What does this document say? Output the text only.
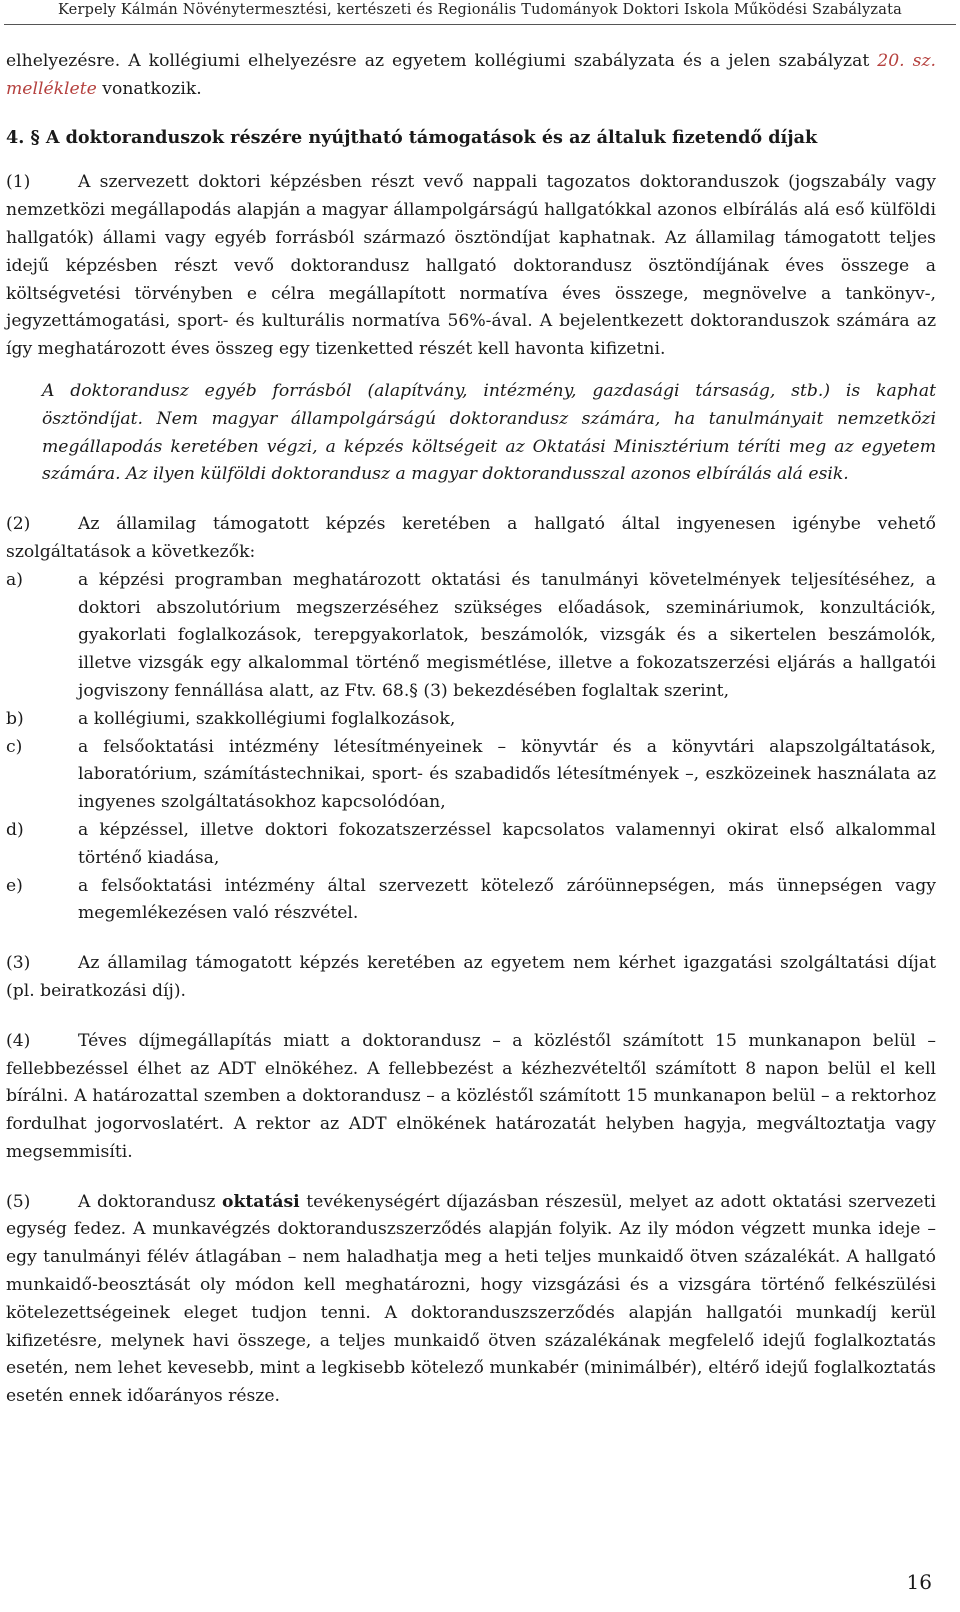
Kerpely Kálmán Növénytermesztési, kertészeti és Regionális Tudományok Doktori Iskola Működési Szabályzata

elhelyezésre. A kollégiumi elhelyezésre az egyetem kollégiumi szabályzata és a jelen szabályzat 20. sz. melléklete vonatkozik.

4. § A doktoranduszok részére nyújtható támogatások és az általuk fizetendő díjak

(1)	A szervezett doktori képzésben részt vevő nappali tagozatos doktoranduszok (jogszabály vagy nemzetközi megállapodás alapján a magyar állampolgárságú hallgatókkal azonos elbírálás alá eső külföldi hallgatók) állami vagy egyéb forrásból származó ösztöndíjat kaphatnak. Az államilag támogatott teljes idejű képzésben részt vevő doktorandusz hallgató doktorandusz ösztöndíjának éves összege a költségvetési törvényben e célra megállapított normatíva éves összege, megnövelve a tankönyv-, jegyzettámogatási, sport- és kulturális normatíva 56%-ával. A bejelentkezett doktoranduszok számára az így meghatározott éves összeg egy tizenketted részét kell havonta kifizetni.

A doktorandusz egyéb forrásból (alapítvány, intézmény, gazdasági társaság, stb.) is kaphat ösztöndíjat. Nem magyar állampolgárságú doktorandusz számára, ha tanulmányait nemzetközi megállapodás keretében végzi, a képzés költségeit az Oktatási Minisztérium téríti meg az egyetem számára. Az ilyen külföldi doktorandusz a magyar doktorandusszal azonos elbírálás alá esik.

(2)	Az államilag támogatott képzés keretében a hallgató által ingyenesen igénybe vehető szolgáltatások a következők:

a)	a képzési programban meghatározott oktatási és tanulmányi követelmények teljesítéséhez, a doktori abszolutórium megszerzéséhez szükséges előadások, szemináriumok, konzultációk, gyakorlati foglalkozások, terepgyakorlatok, beszámolók, vizsgák és a sikertelen beszámolók, illetve vizsgák egy alkalommal történő megismétlése, illetve a fokozatszerzési eljárás a hallgatói jogviszony fennállása alatt, az Ftv. 68.§ (3) bekezdésében foglaltak szerint,
b)	a kollégiumi, szakkollégiumi foglalkozások,
c)	a felsőoktatási intézmény létesítményeinek – könyvtár és a könyvtári alapszolgáltatások, laboratórium, számítástechnikai, sport- és szabadidős létesítmények –, eszközeinek használata az ingyenes szolgáltatásokhoz kapcsolódóan,
d)	a képzéssel, illetve doktori fokozatszerzéssel kapcsolatos valamennyi okirat első alkalommal történő kiadása,
e)	a felsőoktatási intézmény által szervezett kötelező záróünnepségen, más ünnepségen vagy megemlékezésen való részvétel.

(3)	Az államilag támogatott képzés keretében az egyetem nem kérhet igazgatási szolgáltatási díjat (pl. beiratkozási díj).

(4)	Téves díjmegállapítás miatt a doktorandusz – a közléstől számított 15 munkanapon belül – fellebbezéssel élhet az ADT elnökéhez. A fellebbezést a kézhezvételtől számított 8 napon belül el kell bírálni. A határozattal szemben a doktorandusz – a közléstől számított 15 munkanapon belül – a rektorhoz fordulhat jogorvoslatért. A rektor az ADT elnökének határozatát helyben hagyja, megváltoztatja vagy megsemmisíti.

(5)	A doktorandusz oktatási tevékenységért díjazásban részesül, melyet az adott oktatási szervezeti egység fedez. A munkavégzés doktoranduszszerződés alapján folyik. Az ily módon végzett munka ideje – egy tanulmányi félév átlagában – nem haladhatja meg a heti teljes munkaidő ötven százalékát. A hallgató munkaidő-beosztását oly módon kell meghatározni, hogy vizsgázási és a vizsgára történő felkészülési kötelezettségeinek eleget tudjon tenni. A doktoranduszszerződés alapján hallgatói munkadíj kerül kifizetésre, melynek havi összege, a teljes munkaidő ötven százalékának megfelelő idejű foglalkoztatás esetén, nem lehet kevesebb, mint a legkisebb kötelező munkabér (minimálbér), eltérő idejű foglalkoztatás esetén ennek időarányos része.

16
